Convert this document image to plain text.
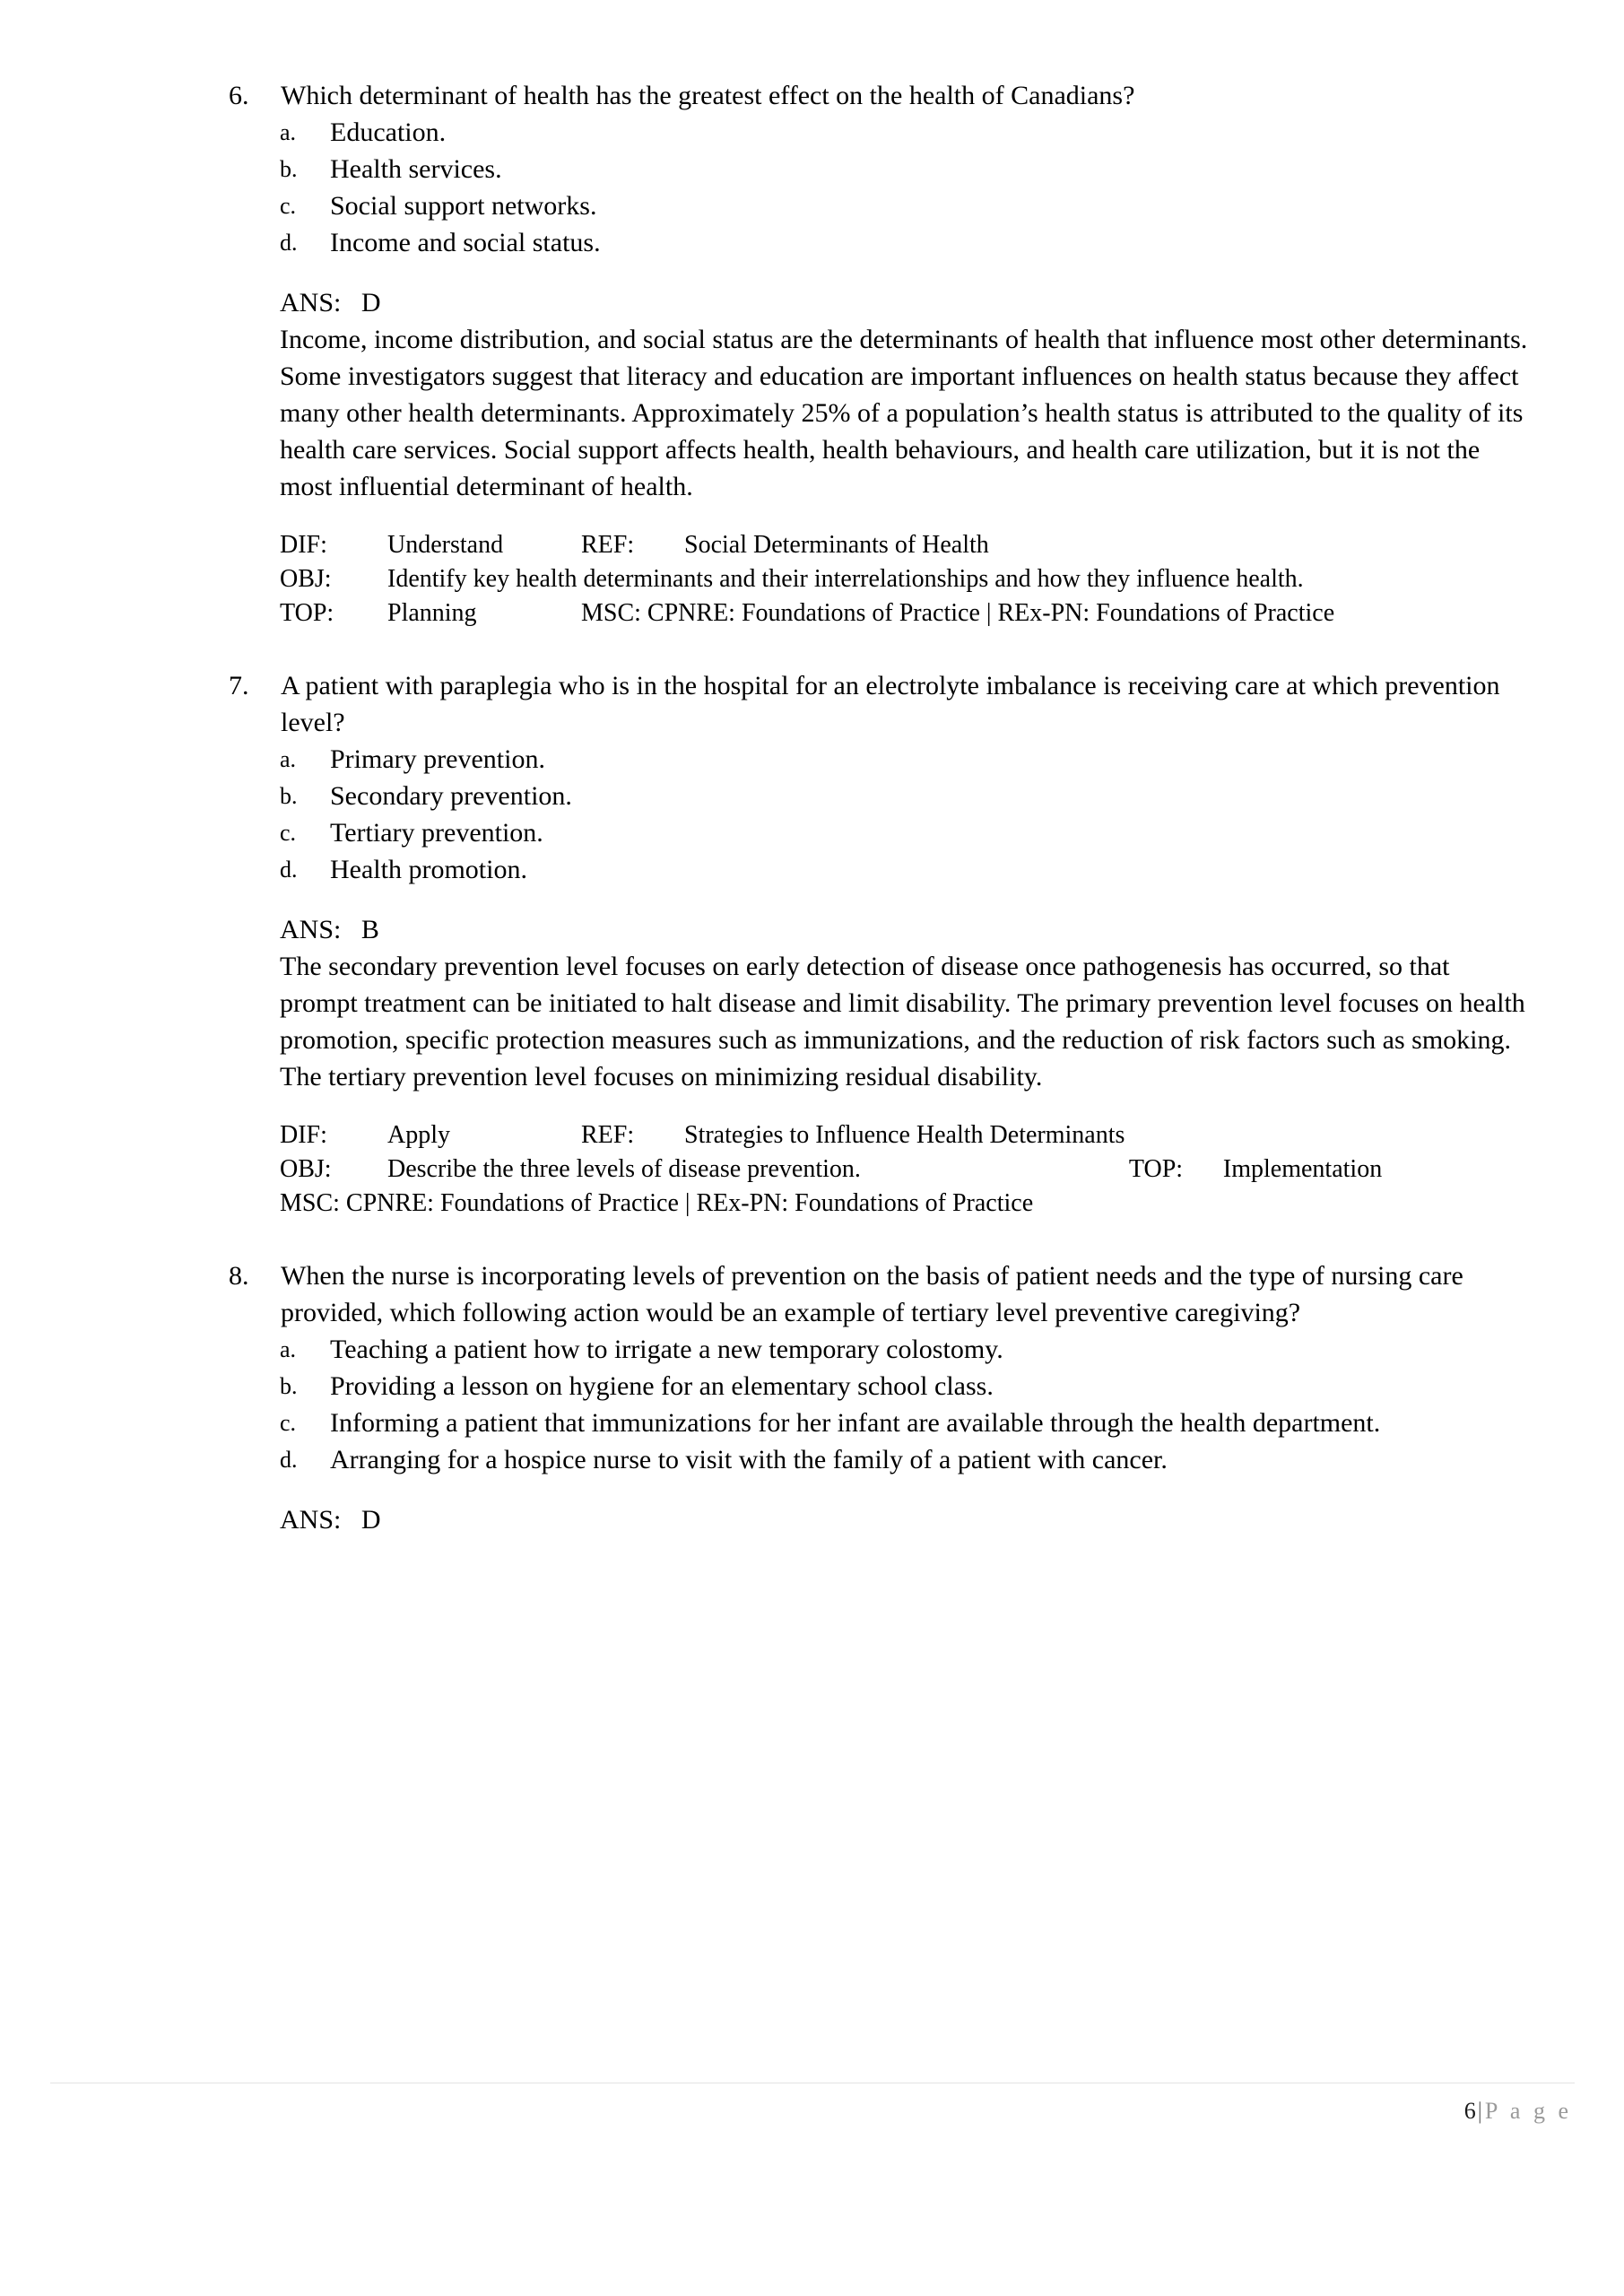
6.	Which determinant of health has the greatest effect on the health of Canadians?
a.	Education.
b.	Health services.
c.	Social support networks.
d.	Income and social status.
ANS: D
Income, income distribution, and social status are the determinants of health that influence most other determinants. Some investigators suggest that literacy and education are important influences on health status because they affect many other health determinants. Approximately 25% of a population’s health status is attributed to the quality of its health care services. Social support affects health, health behaviours, and health care utilization, but it is not the most influential determinant of health.
DIF:	Understand	REF:	Social Determinants of Health
OBJ:	Identify key health determinants and their interrelationships and how they influence health.
TOP:	Planning	MSC: CPNRE: Foundations of Practice | REx-PN: Foundations of Practice
7.	A patient with paraplegia who is in the hospital for an electrolyte imbalance is receiving care at which prevention level?
a.	Primary prevention.
b.	Secondary prevention.
c.	Tertiary prevention.
d.	Health promotion.
ANS: B
The secondary prevention level focuses on early detection of disease once pathogenesis has occurred, so that prompt treatment can be initiated to halt disease and limit disability. The primary prevention level focuses on health promotion, specific protection measures such as immunizations, and the reduction of risk factors such as smoking. The tertiary prevention level focuses on minimizing residual disability.
DIF:	Apply	REF:	Strategies to Influence Health Determinants
OBJ:	Describe the three levels of disease prevention.	TOP:	Implementation
MSC: CPNRE: Foundations of Practice | REx-PN: Foundations of Practice
8.	When the nurse is incorporating levels of prevention on the basis of patient needs and the type of nursing care provided, which following action would be an example of tertiary level preventive caregiving?
a.	Teaching a patient how to irrigate a new temporary colostomy.
b.	Providing a lesson on hygiene for an elementary school class.
c.	Informing a patient that immunizations for her infant are available through the health department.
d.	Arranging for a hospice nurse to visit with the family of a patient with cancer.
ANS: D
6|P a g e
